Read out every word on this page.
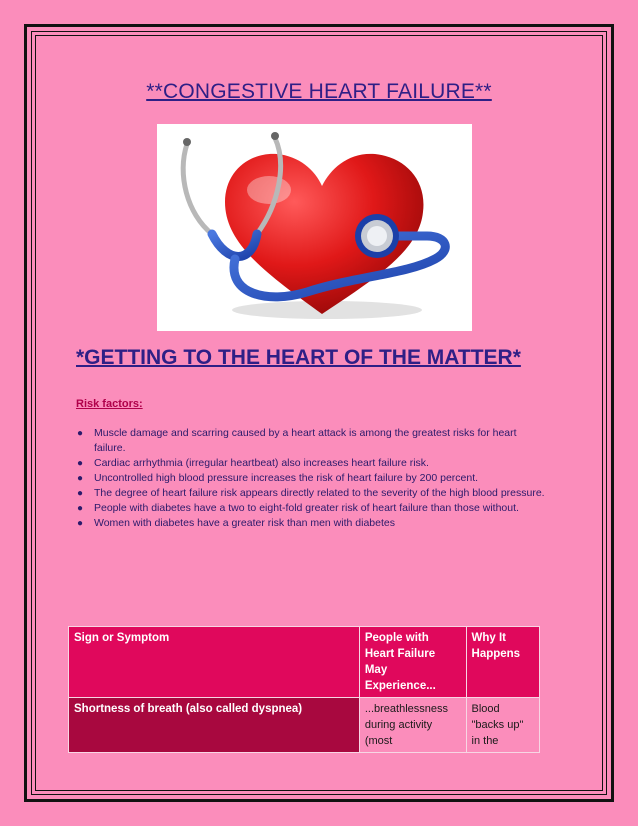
**CONGESTIVE HEART FAILURE**
*GETTING TO THE HEART OF THE MATTER*
Risk factors:
● Muscle damage and scarring caused by a heart attack is among the greatest risks for heart failure.
● Cardiac arrhythmia (irregular heartbeat) also increases heart failure risk.
● Uncontrolled high blood pressure increases the risk of heart failure by 200 percent.
● The degree of heart failure risk appears directly related to the severity of the high blood pressure.
● People with diabetes have a two to eight-fold greater risk of heart failure than those without.
● Women with diabetes have a greater risk than men with diabetes
Sign or Symptom	People with Heart Failure May Experience...	Why It Happens
Shortness of breath (also called dyspnea)	...breathlessness during activity (most	Blood "backs up" in the
